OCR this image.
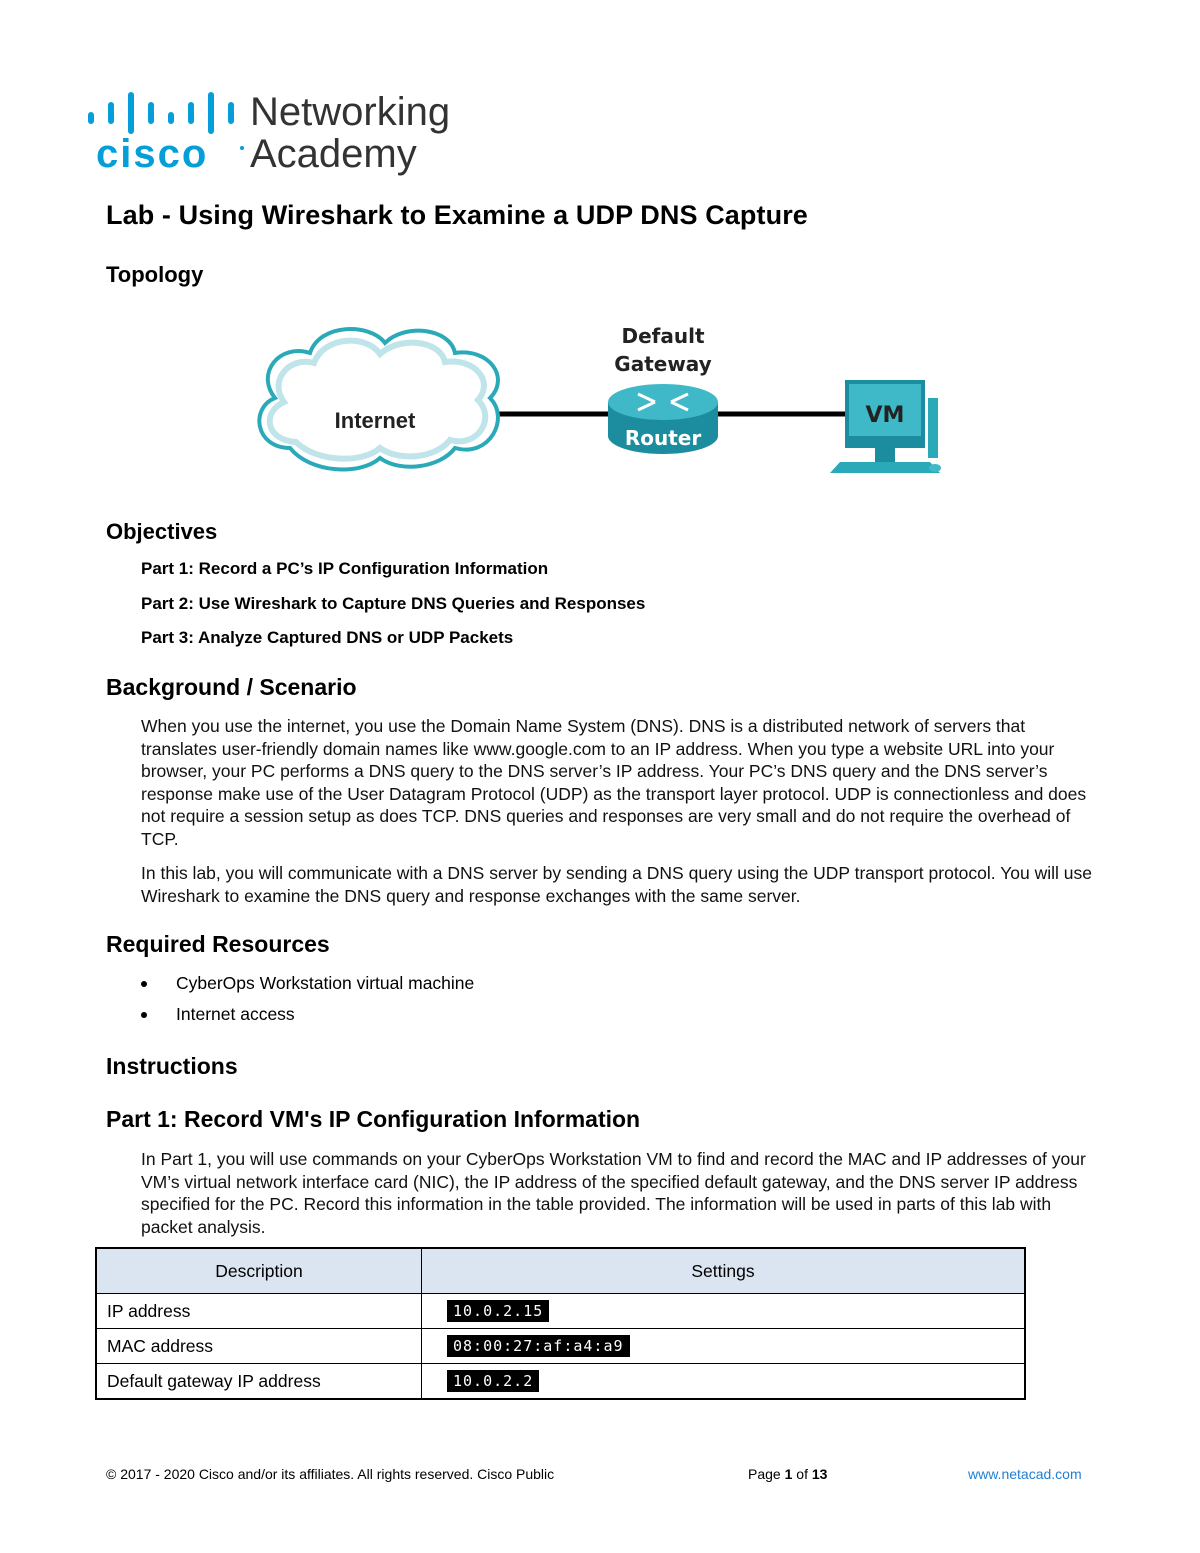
cisco
Networking
Academy
Lab - Using Wireshark to Examine a UDP DNS Capture
Topology
Internet
Default
Gateway
Router
VM
Objectives
Part 1: Record a PC’s IP Configuration Information
Part 2: Use Wireshark to Capture DNS Queries and Responses
Part 3: Analyze Captured DNS or UDP Packets
Background / Scenario

When you use the internet, you use the Domain Name System (DNS). DNS is a distributed network of servers that translates user-friendly domain names like www.google.com to an IP address. When you type a website URL into your browser, your PC performs a DNS query to the DNS server’s IP address. Your PC’s DNS query and the DNS server’s response make use of the User Datagram Protocol (UDP) as the transport layer protocol. UDP is connectionless and does not require a session setup as does TCP. DNS queries and responses are very small and do not require the overhead of TCP.

In this lab, you will communicate with a DNS server by sending a DNS query using the UDP transport protocol. You will use Wireshark to examine the DNS query and response exchanges with the same server.

Required Resources
CyberOps Workstation virtual machine
Internet access
Instructions
Part 1: Record VM's IP Configuration Information

In Part 1, you will use commands on your CyberOps Workstation VM to find and record the MAC and IP addresses of your VM’s virtual network interface card (NIC), the IP address of the specified default gateway, and the DNS server IP address specified for the PC. Record this information in the table provided. The information will be used in parts of this lab with packet analysis.

Description	Settings
IP address	10.0.2.15
MAC address	08:00:27:af:a4:a9
Default gateway IP address	10.0.2.2
© 2017 - 2020 Cisco and/or its affiliates. All rights reserved. Cisco Public	Page 1 of 13	www.netacad.com
